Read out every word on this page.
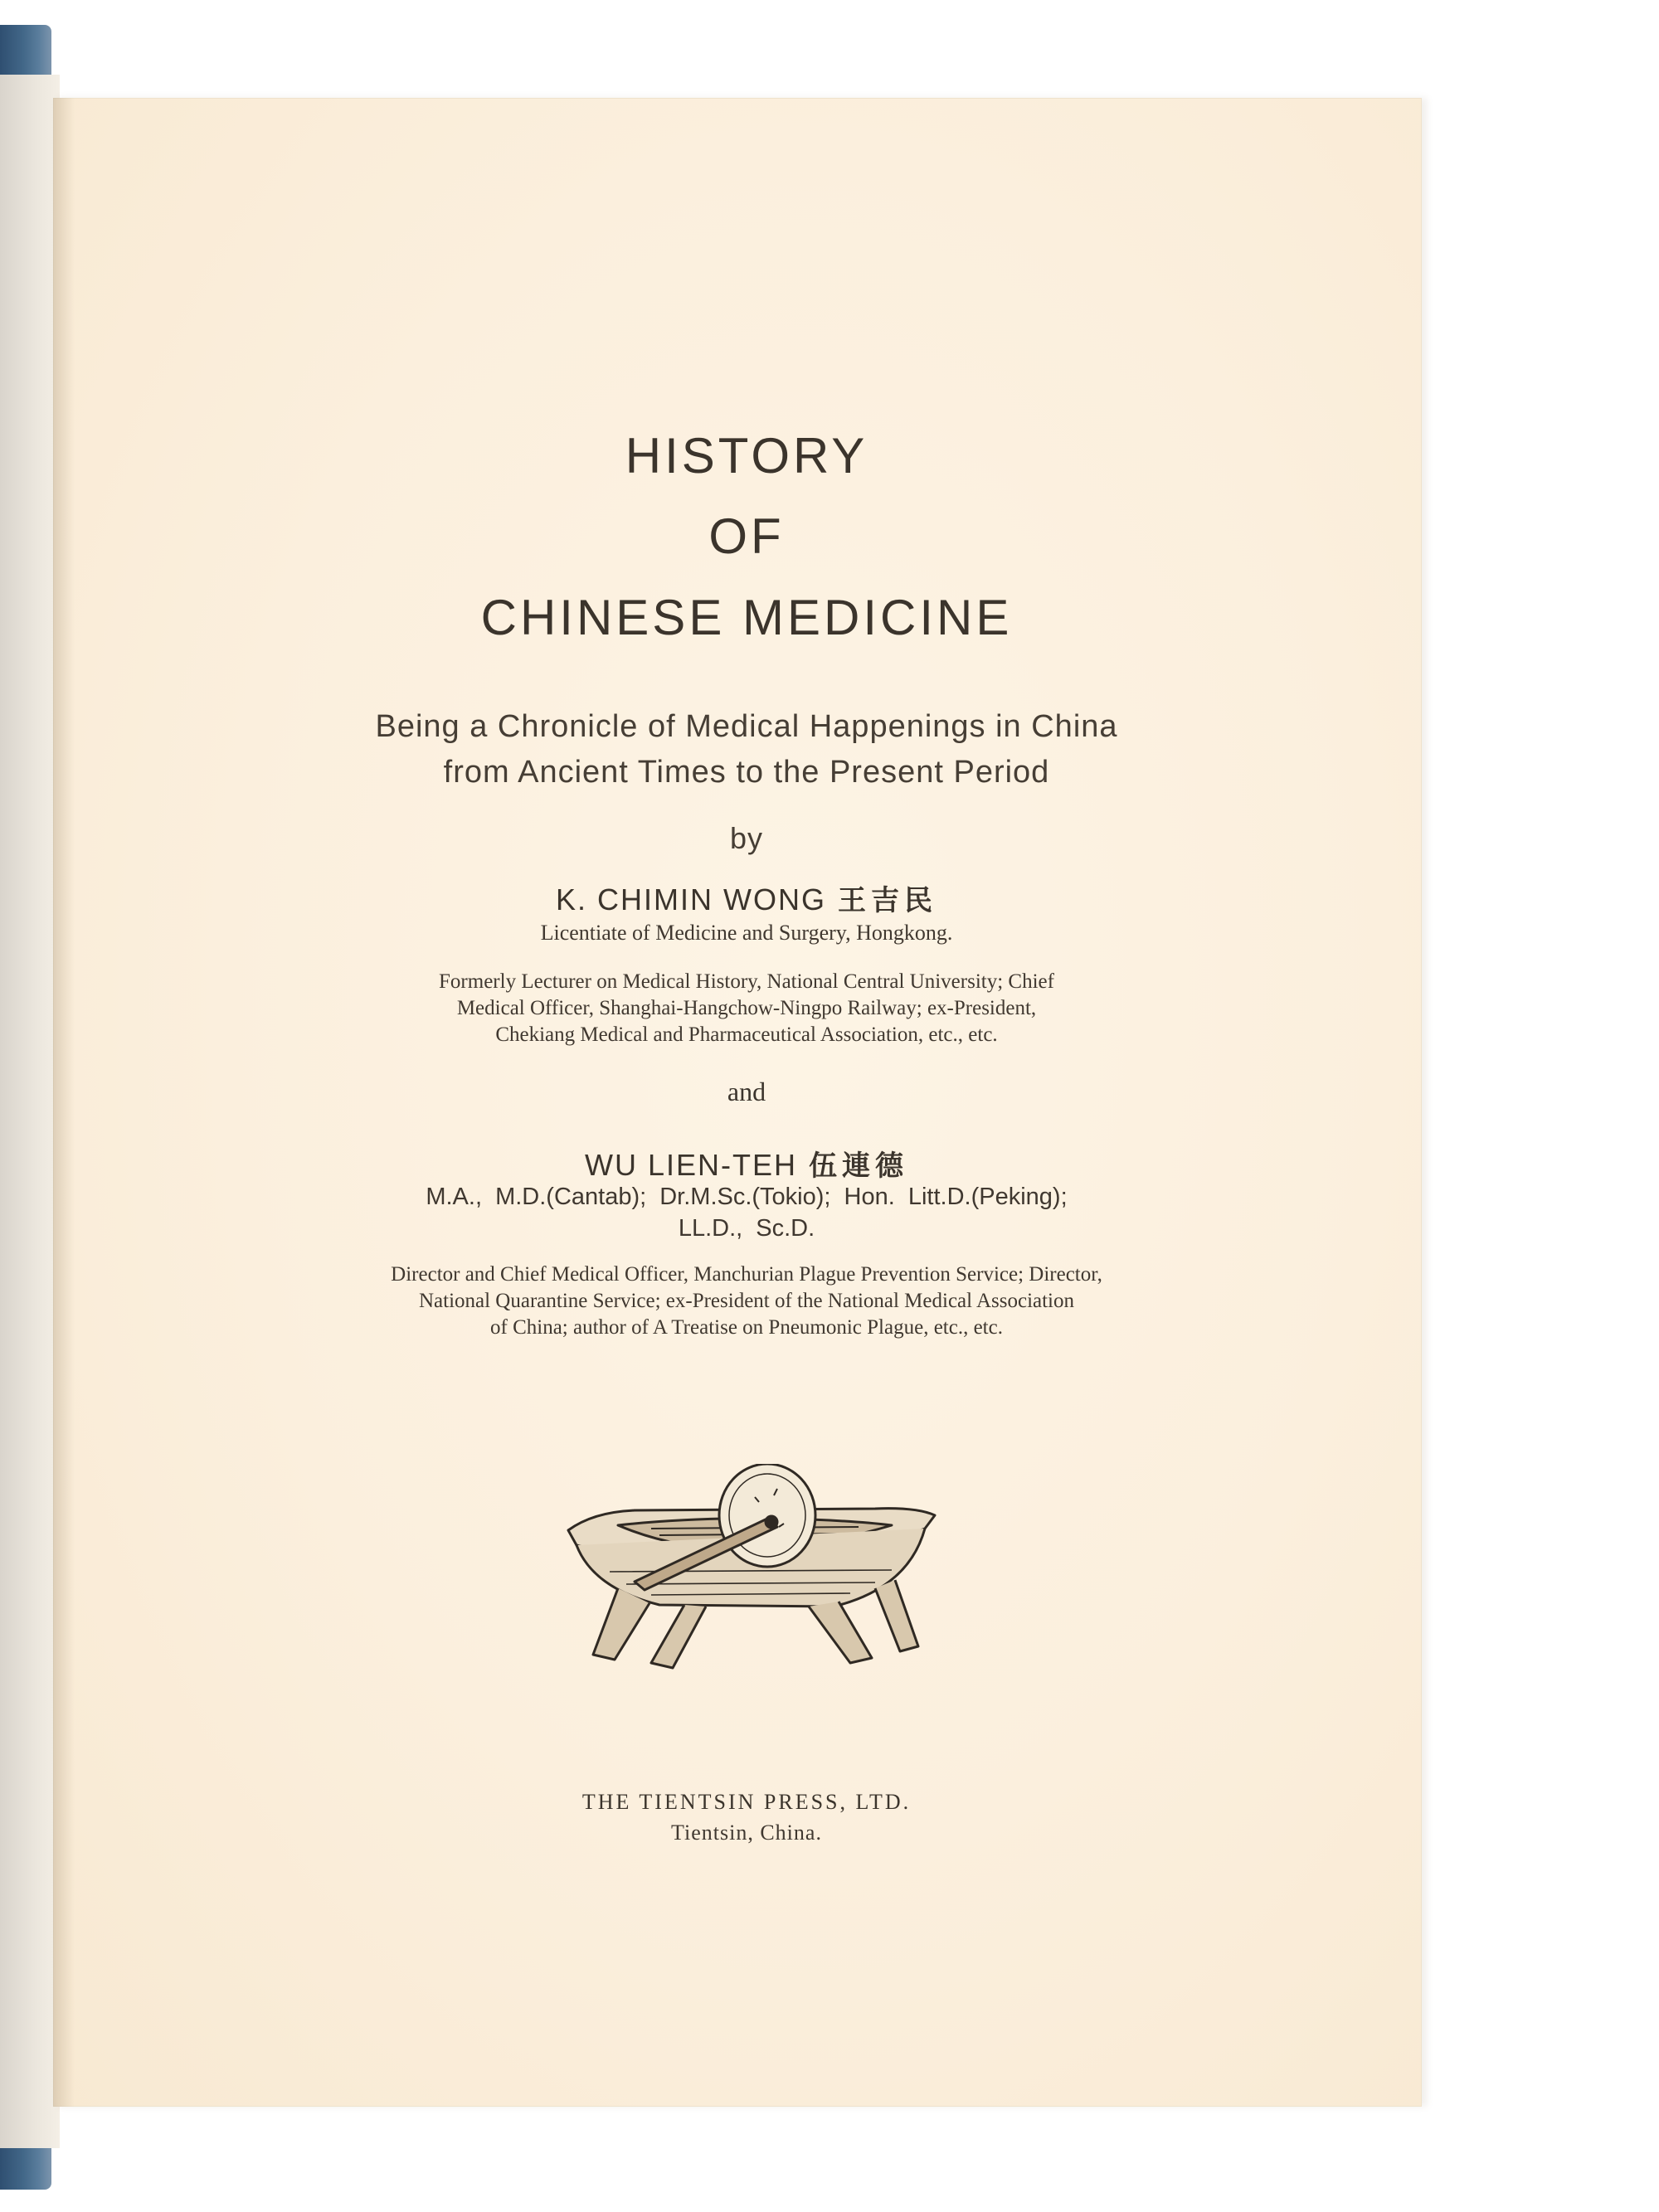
HISTORY
OF
CHINESE MEDICINE
Being a Chronicle of Medical Happenings in China
from Ancient Times to the Present Period
by
K. CHIMIN WONG 王吉民
Licentiate of Medicine and Surgery, Hongkong.
Formerly Lecturer on Medical History, National Central University; Chief
Medical Officer, Shanghai-Hangchow-Ningpo Railway; ex-President,
Chekiang Medical and Pharmaceutical Association, etc., etc.
and
WU LIEN-TEH 伍連德
M.A., M.D.(Cantab); Dr.M.Sc.(Tokio); Hon. Litt.D.(Peking);
LL.D., Sc.D.
Director and Chief Medical Officer, Manchurian Plague Prevention Service; Director,
National Quarantine Service; ex-President of the National Medical Association
of China; author of A Treatise on Pneumonic Plague, etc., etc.
THE TIENTSIN PRESS, LTD.
Tientsin, China.
